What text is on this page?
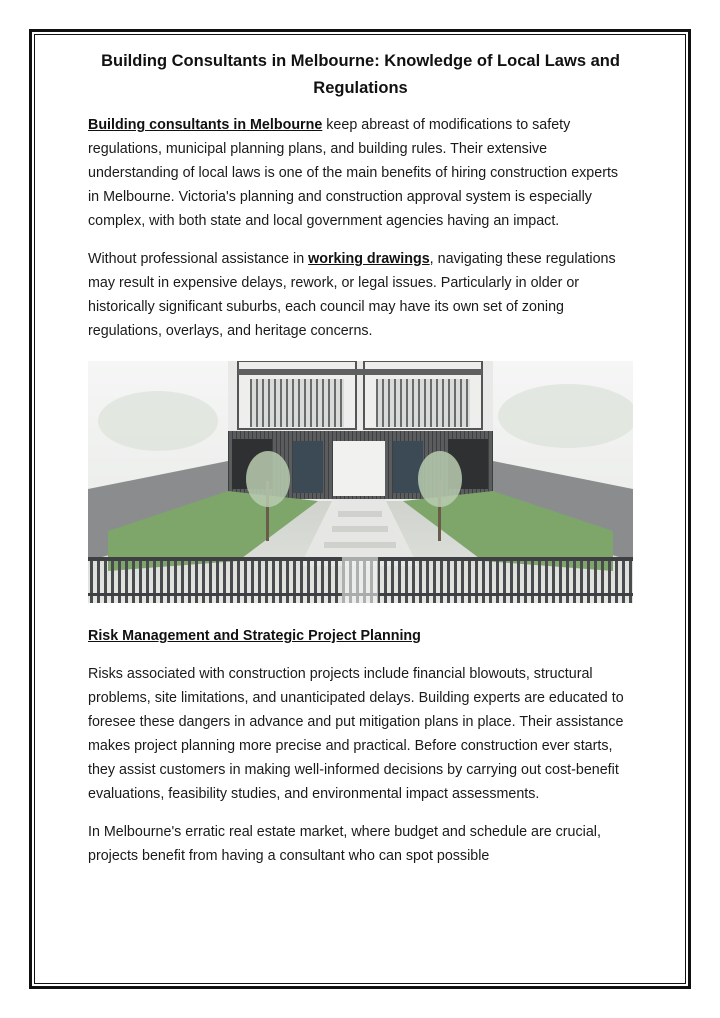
Building Consultants in Melbourne: Knowledge of Local Laws and Regulations

Building consultants in Melbourne keep abreast of modifications to safety regulations, municipal planning plans, and building rules. Their extensive understanding of local laws is one of the main benefits of hiring construction experts in Melbourne. Victoria's planning and construction approval system is especially complex, with both state and local government agencies having an impact.

Without professional assistance in working drawings, navigating these regulations may result in expensive delays, rework, or legal issues. Particularly in older or historically significant suburbs, each council may have its own set of zoning regulations, overlays, and heritage concerns.

Risk Management and Strategic Project Planning

Risks associated with construction projects include financial blowouts, structural problems, site limitations, and unanticipated delays. Building experts are educated to foresee these dangers in advance and put mitigation plans in place. Their assistance makes project planning more precise and practical. Before construction ever starts, they assist customers in making well-informed decisions by carrying out cost-benefit evaluations, feasibility studies, and environmental impact assessments.

In Melbourne's erratic real estate market, where budget and schedule are crucial, projects benefit from having a consultant who can spot possible
